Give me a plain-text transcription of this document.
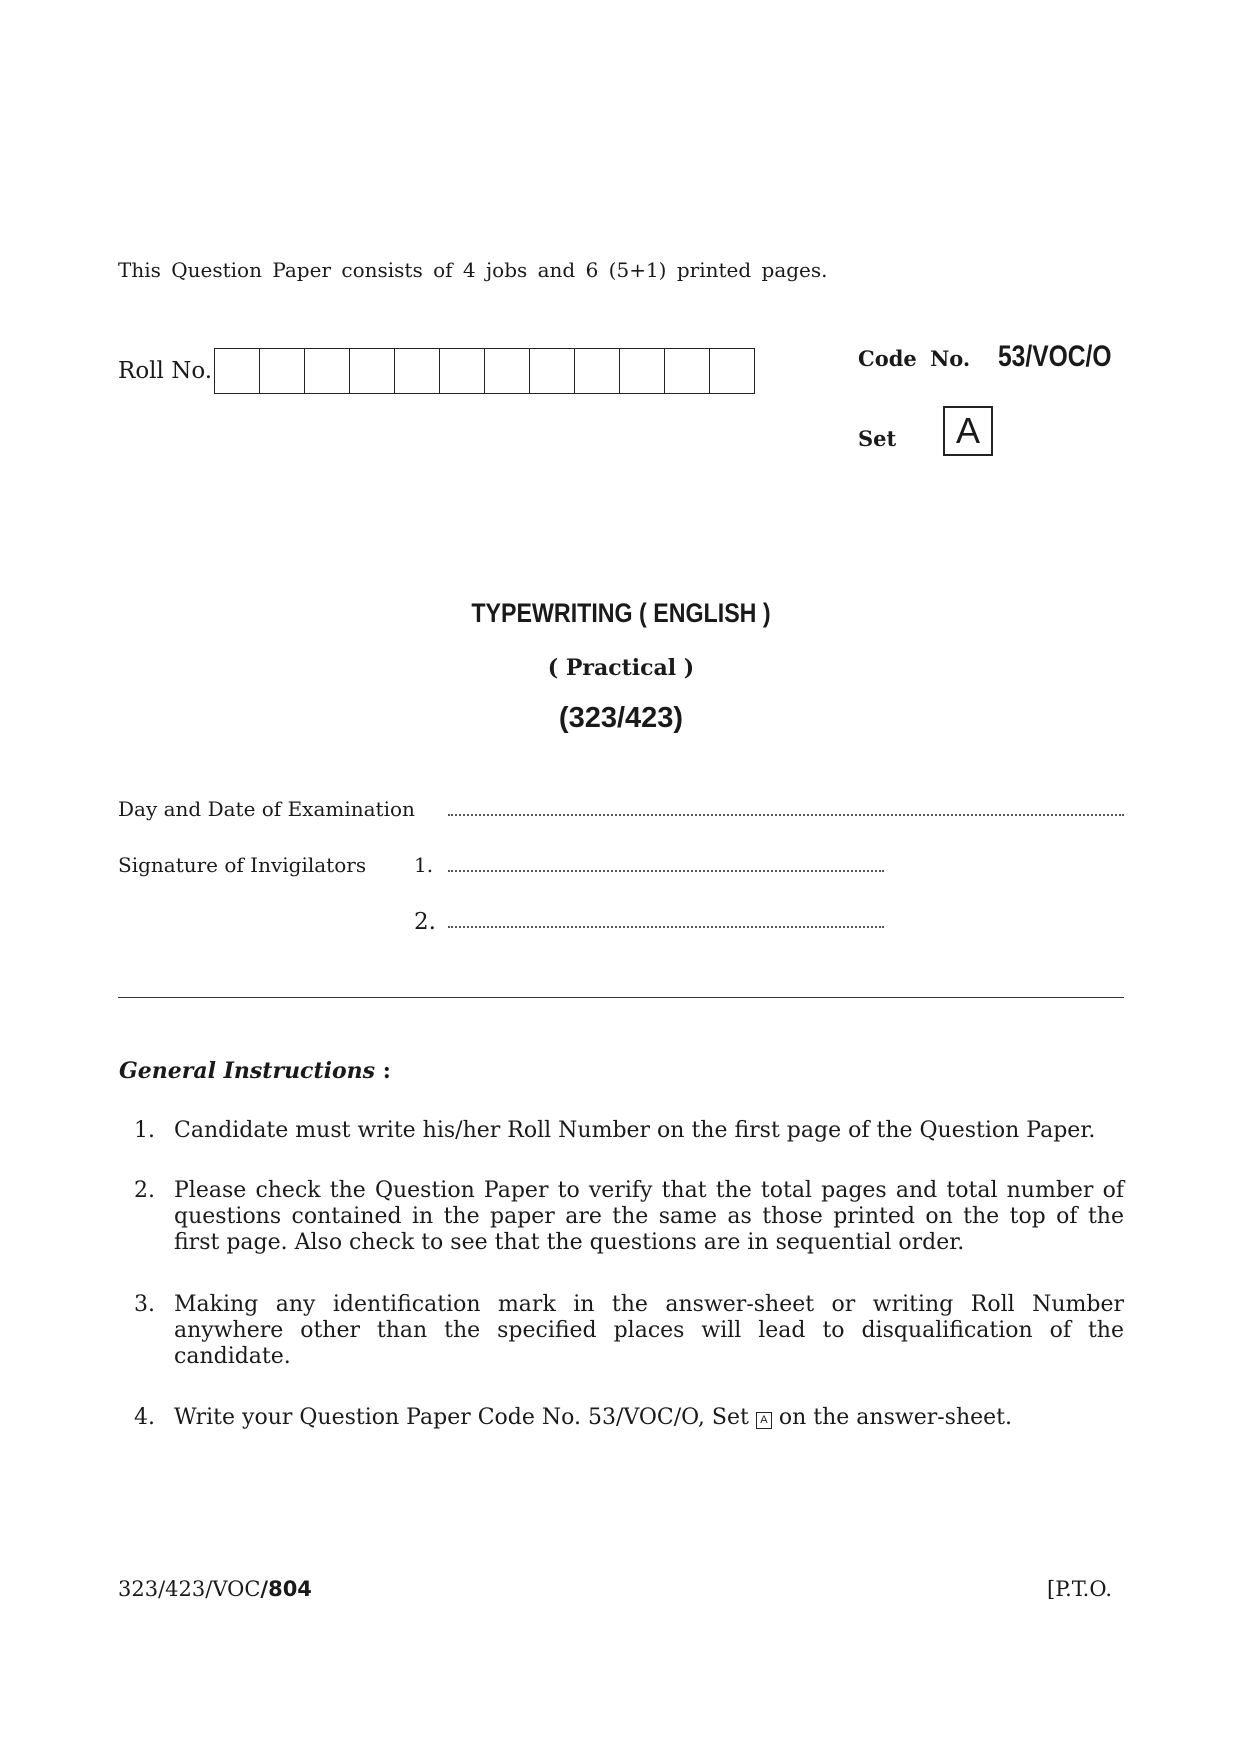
This Question Paper consists of 4 jobs and 6 (5+1) printed pages.
Roll No.	Code No. 53/VOC/O
Set	A
TYPEWRITING ( ENGLISH )
( Practical )
(323/423)
Day and Date of Examination
Signature of Invigilators 1.
2.
General Instructions :
1. Candidate must write his/her Roll Number on the first page of the Question Paper.
2. Please check the Question Paper to verify that the total pages and total number of questions contained in the paper are the same as those printed on the top of the first page. Also check to see that the questions are in sequential order.
3. Making any identification mark in the answer-sheet or writing Roll Number anywhere other than the specified places will lead to disqualification of the candidate.
4. Write your Question Paper Code No. 53/VOC/O, Set A on the answer-sheet.
323/423/VOC/804	[P.T.O.
